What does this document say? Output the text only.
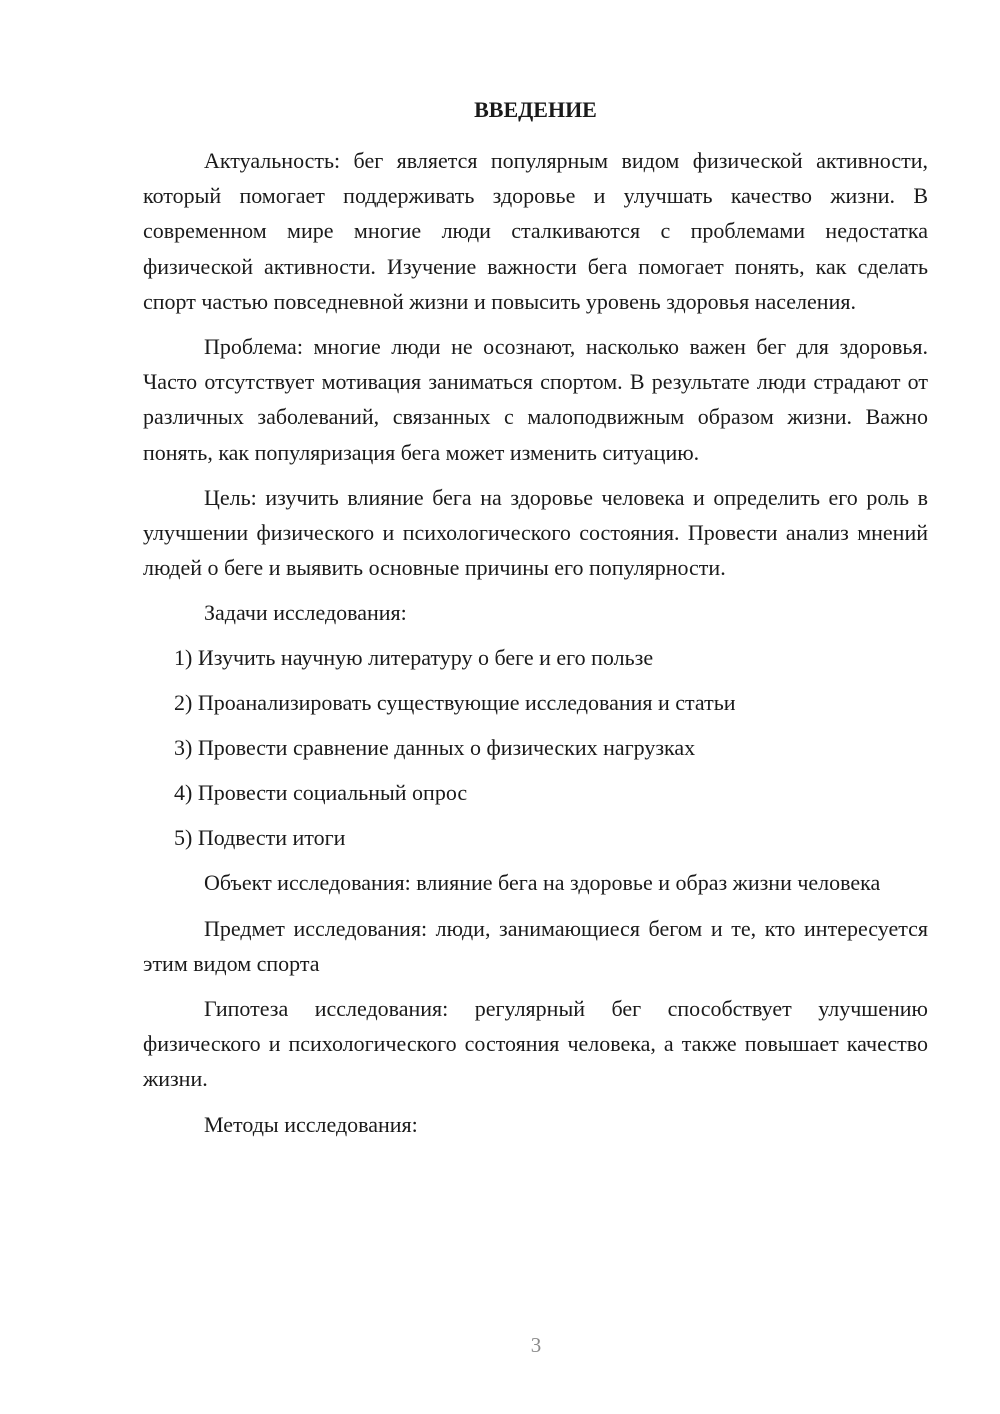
ВВЕДЕНИЕ

Актуальность: бег является популярным видом физической активности, который помогает поддерживать здоровье и улучшать качество жизни. В современном мире многие люди сталкиваются с проблемами недостатка физической активности. Изучение важности бега помогает понять, как сделать спорт частью повседневной жизни и повысить уровень здоровья населения.

Проблема: многие люди не осознают, насколько важен бег для здоровья. Часто отсутствует мотивация заниматься спортом. В результате люди страдают от различных заболеваний, связанных с малоподвижным образом жизни. Важно понять, как популяризация бега может изменить ситуацию.

Цель: изучить влияние бега на здоровье человека и определить его роль в улучшении физического и психологического состояния. Провести анализ мнений людей о беге и выявить основные причины его популярности.

Задачи исследования:
1) Изучить научную литературу о беге и его пользе
2) Проанализировать существующие исследования и статьи
3) Провести сравнение данных о физических нагрузках
4) Провести социальный опрос
5) Подвести итоги

Объект исследования: влияние бега на здоровье и образ жизни человека

Предмет исследования: люди, занимающиеся бегом и те, кто интересуется этим видом спорта

Гипотеза исследования: регулярный бег способствует улучшению физического и психологического состояния человека, а также повышает качество жизни.

Методы исследования:
3
